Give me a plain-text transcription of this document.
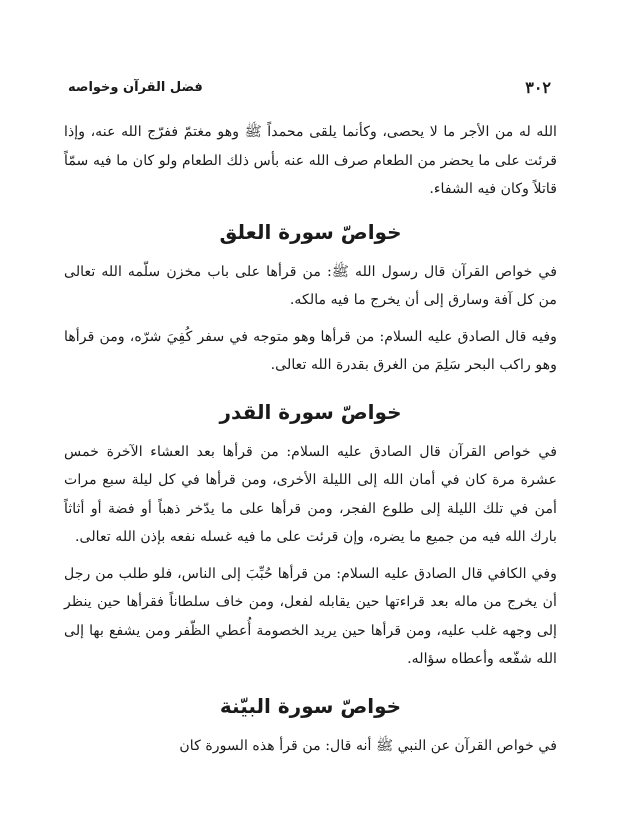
٣٠٢
فضل القرآن وخواصه

الله له من الأجر ما لا يحصى، وكأنما يلقى محمداً ﷺ وهو مغتمّ ففرّج الله عنه، وإذا قرئت على ما يحضر من الطعام صرف الله عنه بأس ذلك الطعام ولو كان ما فيه سمّاً قاتلاً وكان فيه الشفاء.

خواصّ سورة العلق

في خواص القرآن قال رسول الله ﷺ: من قرأها على باب مخزن سلّمه الله تعالى من كل آفة وسارق إلى أن يخرج ما فيه مالكه.

وفيه قال الصادق عليه السلام: من قرأها وهو متوجه في سفر كُفِيَ شرّه، ومن قرأها وهو راكب البحر سَلِمَ من الغرق بقدرة الله تعالى.

خواصّ سورة القدر

في خواص القرآن قال الصادق عليه السلام: من قرأها بعد العشاء الآخرة خمس عشرة مرة كان في أمان الله إلى الليلة الأخرى، ومن قرأها في كل ليلة سبع مرات أمن في تلك الليلة إلى طلوع الفجر، ومن قرأها على ما يدّخر ذهباً أو فضة أو أثاثاً بارك الله فيه من جميع ما يضره، وإن قرئت على ما فيه غسله نفعه بإذن الله تعالى.

وفي الكافي قال الصادق عليه السلام: من قرأها حُبِّبَ إلى الناس، فلو طلب من رجل أن يخرج من ماله بعد قراءتها حين يقابله لفعل، ومن خاف سلطاناً فقرأها حين ينظر إلى وجهه غلب عليه، ومن قرأها حين يريد الخصومة أُعطي الظّفر ومن يشفع بها إلى الله شفّعه وأعطاه سؤاله.

خواصّ سورة البيّنة

في خواص القرآن عن النبي ﷺ أنه قال: من قرأ هذه السورة كان
